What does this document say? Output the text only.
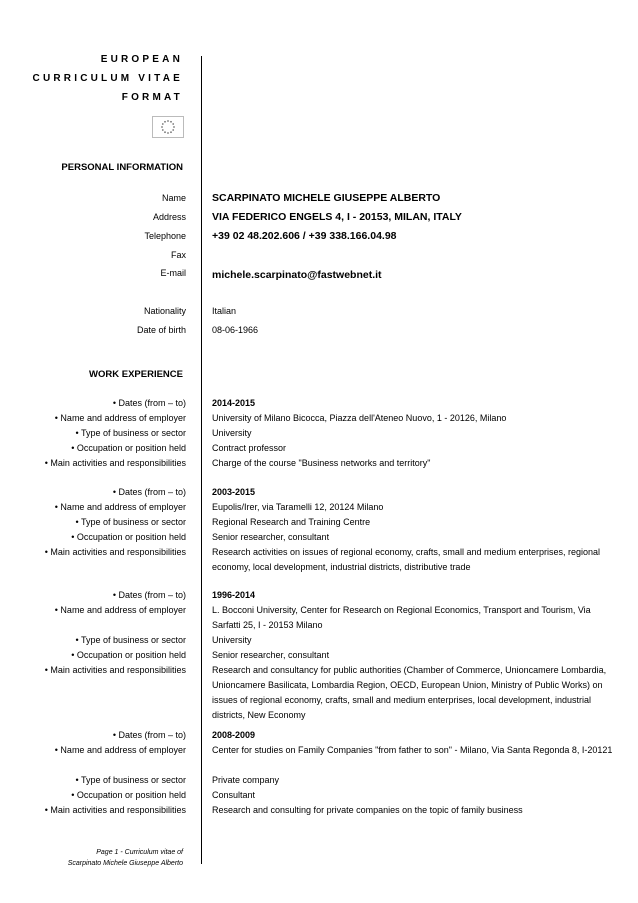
EUROPEAN
CURRICULUM VITAE
FORMAT
PERSONAL INFORMATION
Name SCARPINATO MICHELE GIUSEPPE ALBERTO
Address VIA FEDERICO ENGELS 4, I - 20153, MILAN, ITALY
Telephone +39 02 48.202.606 / +39 338.166.04.98
Fax
E-mail michele.scarpinato@fastwebnet.it
Nationality	Italian
Date of birth	08-06-1966
WORK EXPERIENCE
• Dates (from – to)	2014-2015
• Name and address of employer	University of Milano Bicocca, Piazza dell'Ateneo Nuovo, 1 - 20126, Milano
• Type of business or sector	University
• Occupation or position held	Contract professor
• Main activities and responsibilities	Charge of the course "Business networks and territory"
• Dates (from – to)	2003-2015
• Name and address of employer	Eupolis/Irer, via Taramelli 12, 20124 Milano
• Type of business or sector	Regional Research and Training Centre
• Occupation or position held	Senior researcher, consultant
• Main activities and responsibilities	Research activities on issues of regional economy, crafts, small and medium enterprises, regional economy, local development, industrial districts, distributive trade
• Dates (from – to)	1996-2014
• Name and address of employer	L. Bocconi University, Center for Research on Regional Economics, Transport and Tourism, Via Sarfatti 25, I - 20153 Milano
• Type of business or sector	University
• Occupation or position held	Senior researcher, consultant
• Main activities and responsibilities	Research and consultancy for public authorities (Chamber of Commerce, Unioncamere Lombardia, Unioncamere Basilicata, Lombardia Region, OECD, European Union, Ministry of Public Works) on issues of regional economy, crafts, small and medium enterprises, local development, industrial districts, New Economy
• Dates (from – to)	2008-2009
• Name and address of employer	Center for studies on Family Companies "from father to son" - Milano, Via Santa Regonda 8, I-20121
• Type of business or sector	Private company
• Occupation or position held	Consultant
• Main activities and responsibilities	Research and consulting for private companies on the topic of family business
Page 1 - Curriculum vitae of
Scarpinato Michele Giuseppe Alberto
